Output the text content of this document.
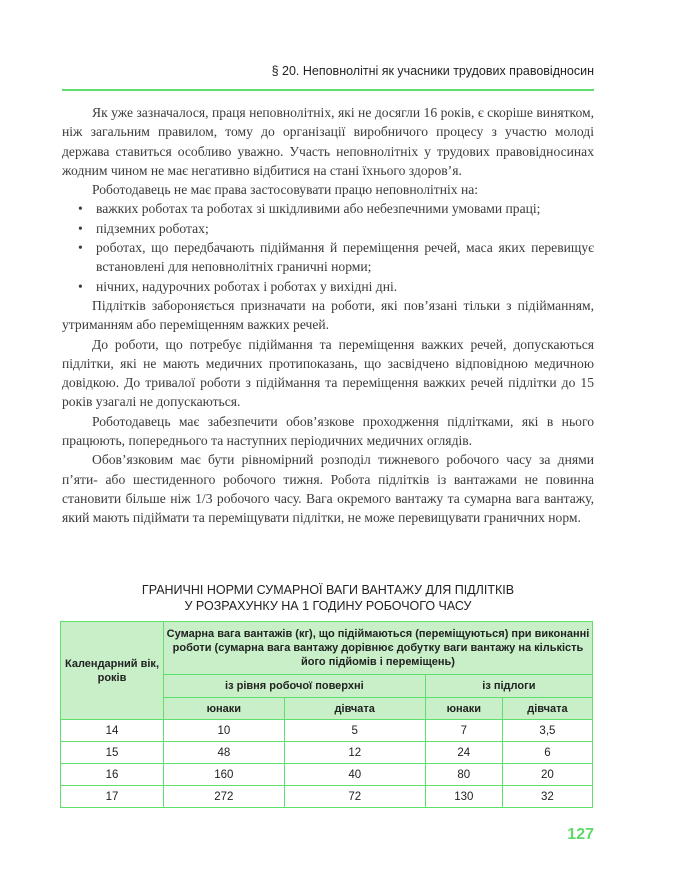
§ 20. Неповнолітні як учасники трудових правовідносин

Як уже зазначалося, праця неповнолітніх, які не досягли 16 років, є скоріше винятком, ніж загальним правилом, тому до організації виробничого процесу з участю молоді держава ставиться особливо уважно. Участь неповнолітніх у трудових правовідносинах жодним чином не має негативно відбитися на стані їхнього здоров’я.

Роботодавець не має права застосовувати працю неповнолітніх на:

• важких роботах та роботах зі шкідливими або небезпечними умовами праці;
• підземних роботах;
• роботах, що передбачають підіймання й переміщення речей, маса яких перевищує встановлені для неповнолітніх граничні норми;
• нічних, надурочних роботах і роботах у вихідні дні.

Підлітків забороняється призначати на роботи, які пов’язані тільки з підійманням, утриманням або переміщенням важких речей.

До роботи, що потребує підіймання та переміщення важких речей, допускаються підлітки, які не мають медичних протипоказань, що засвідчено відповідною медичною довідкою. До тривалої роботи з підіймання та переміщення важких речей підлітки до 15 років узагалі не допускаються.

Роботодавець має забезпечити обов’язкове проходження підлітками, які в нього працюють, попереднього та наступних періодичних медичних оглядів.

Обов’язковим має бути рівномірний розподіл тижневого робочого часу за днями п’яти- або шестиденного робочого тижня. Робота підлітків із вантажами не повинна становити більше ніж 1/3 робочого часу. Вага окремого вантажу та сумарна вага вантажу, який мають підіймати та переміщувати підлітки, не може перевищувати граничних норм.

ГРАНИЧНІ НОРМИ СУМАРНОЇ ВАГИ ВАНТАЖУ ДЛЯ ПІДЛІТКІВ
У РОЗРАХУНКУ НА 1 ГОДИНУ РОБОЧОГО ЧАСУ
Календарний вік, років	Сумарна вага вантажів (кг), що підіймаються (переміщуються) при виконанні роботи (сумарна вага вантажу дорівнює добутку ваги вантажу на кількість його підйомів і переміщень)			
	із рівня робочої поверхні		із підлоги	
	юнаки	дівчата	юнаки	дівчата
14	10	5	7	3,5
15	48	12	24	6
16	160	40	80	20
17	272	72	130	32
127
